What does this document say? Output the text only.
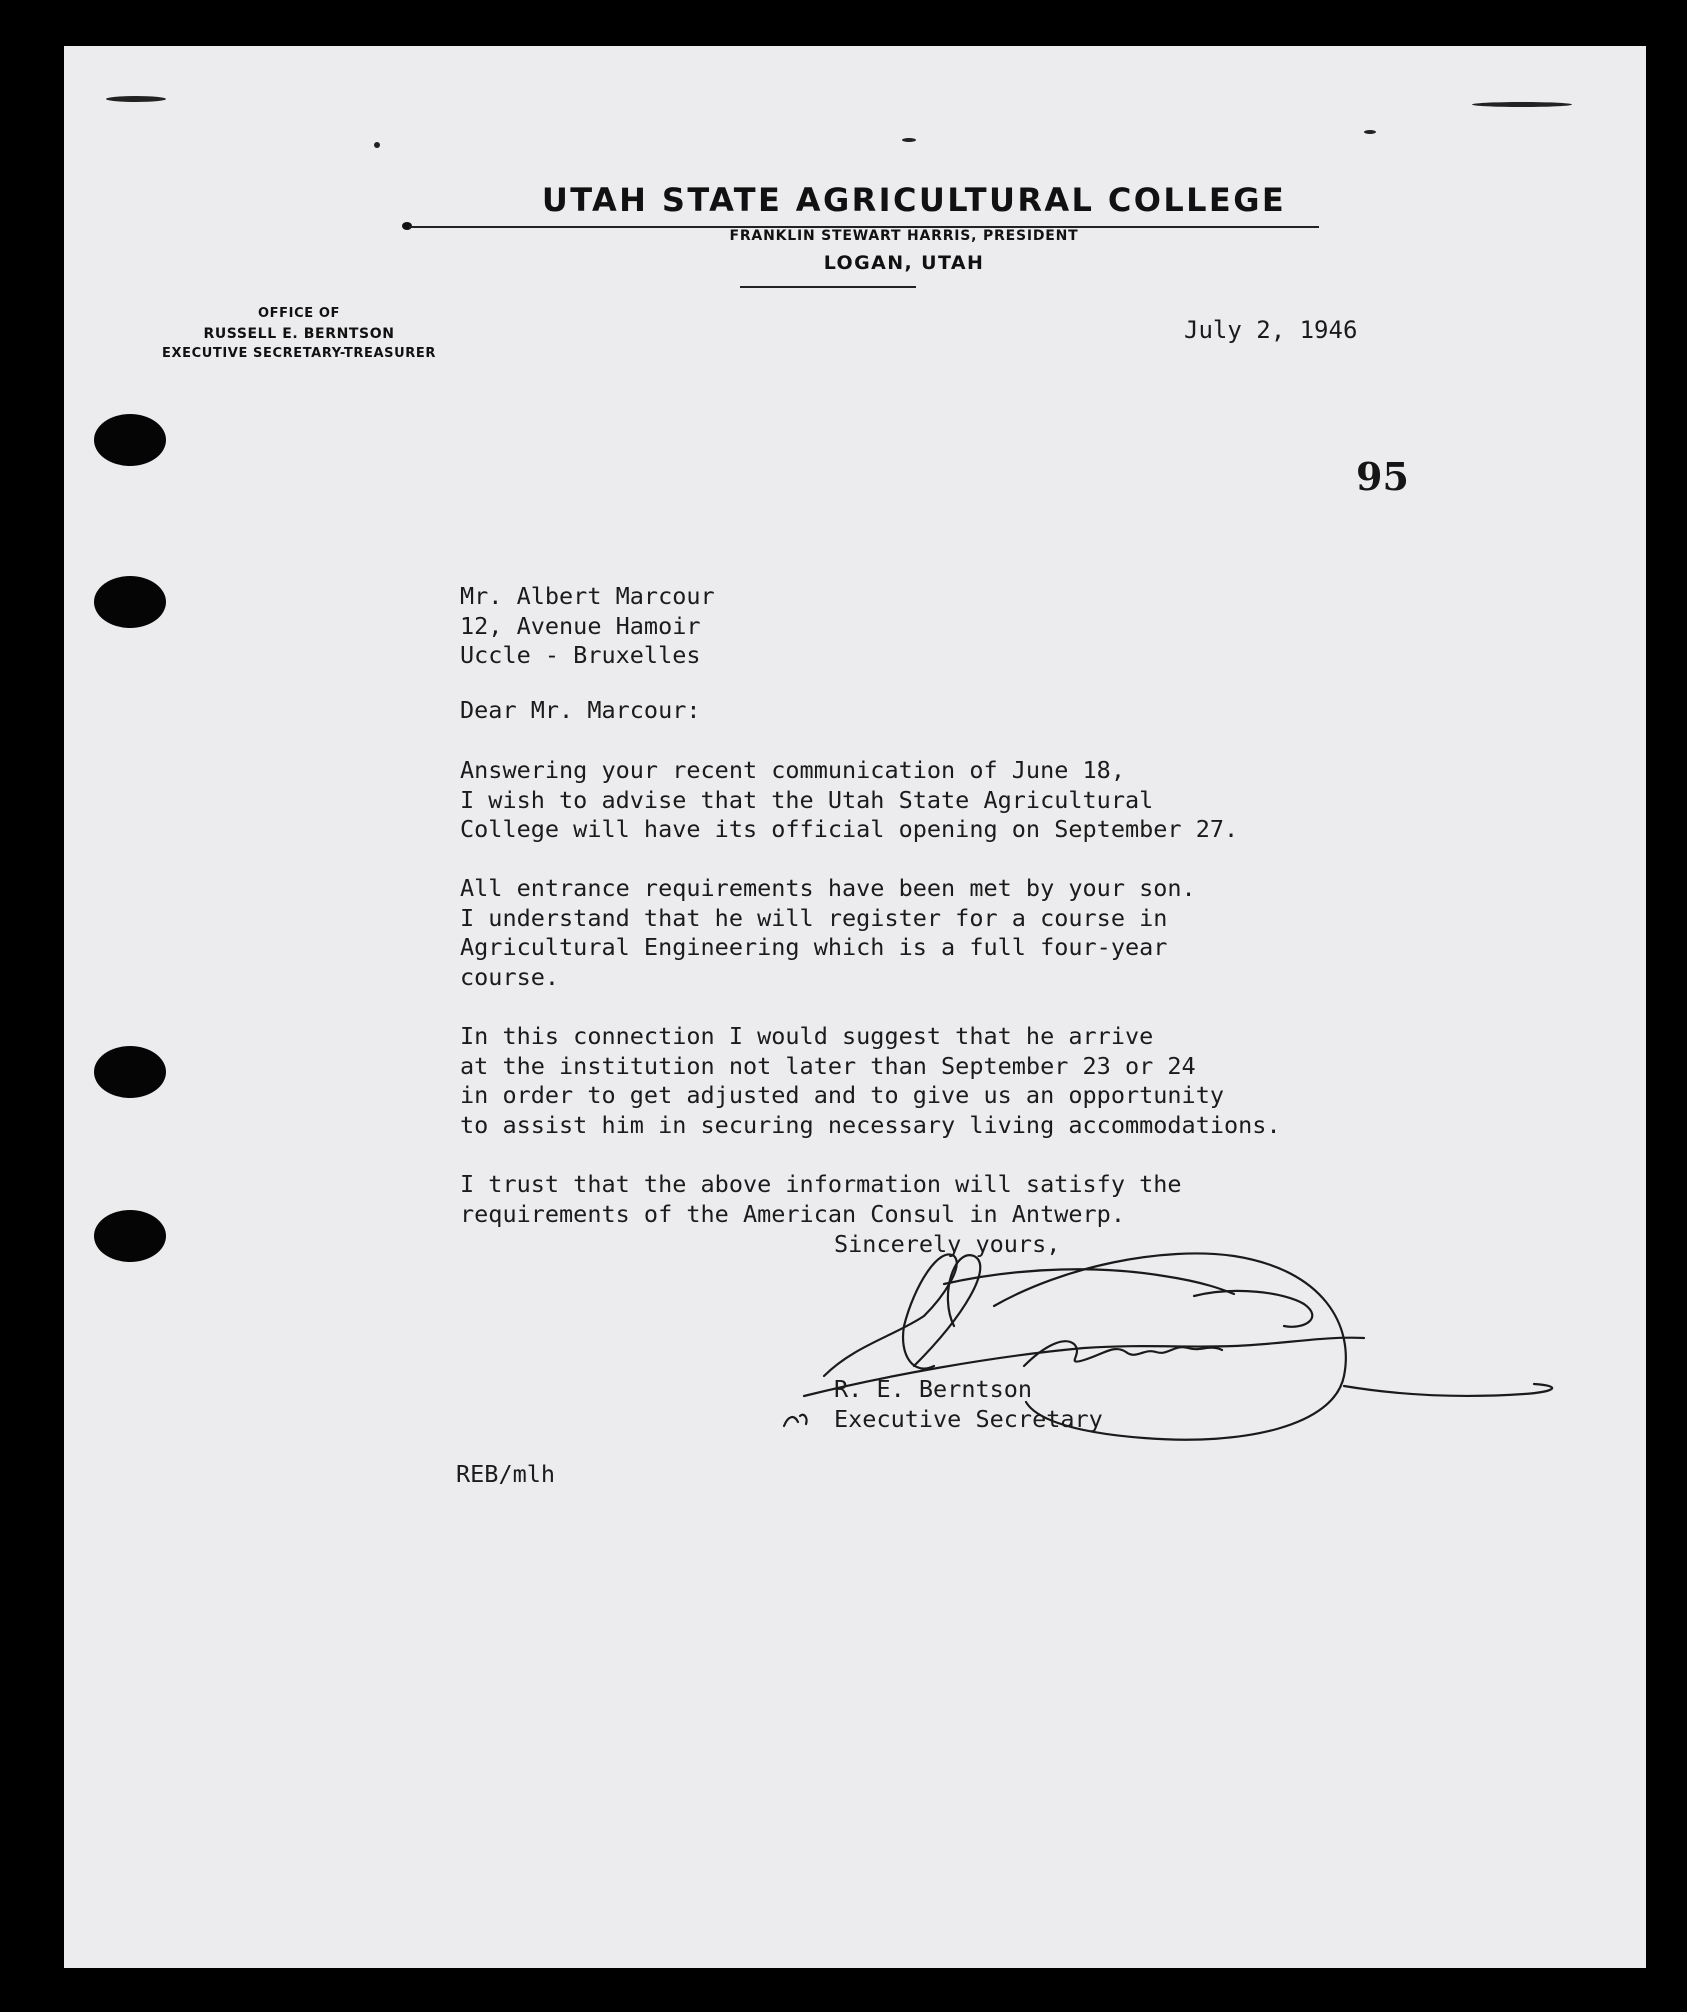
UTAH STATE AGRICULTURAL COLLEGE
FRANKLIN STEWART HARRIS, PRESIDENT
LOGAN, UTAH
OFFICE OF
RUSSELL E. BERNTSON
EXECUTIVE SECRETARY-TREASURER
July 2, 1946
95
Mr. Albert Marcour
12, Avenue Hamoir
Uccle - Bruxelles
Dear Mr. Marcour:
Answering your recent communication of June 18,
I wish to advise that the Utah State Agricultural
College will have its official opening on September 27.
All entrance requirements have been met by your son.
I understand that he will register for a course in
Agricultural Engineering which is a full four-year
course.
In this connection I would suggest that he arrive
at the institution not later than September 23 or 24
in order to get adjusted and to give us an opportunity
to assist him in securing necessary living accommodations.
I trust that the above information will satisfy the
requirements of the American Consul in Antwerp.
Sincerely yours,
R. E. Berntson
Executive Secretary
REB/mlh
